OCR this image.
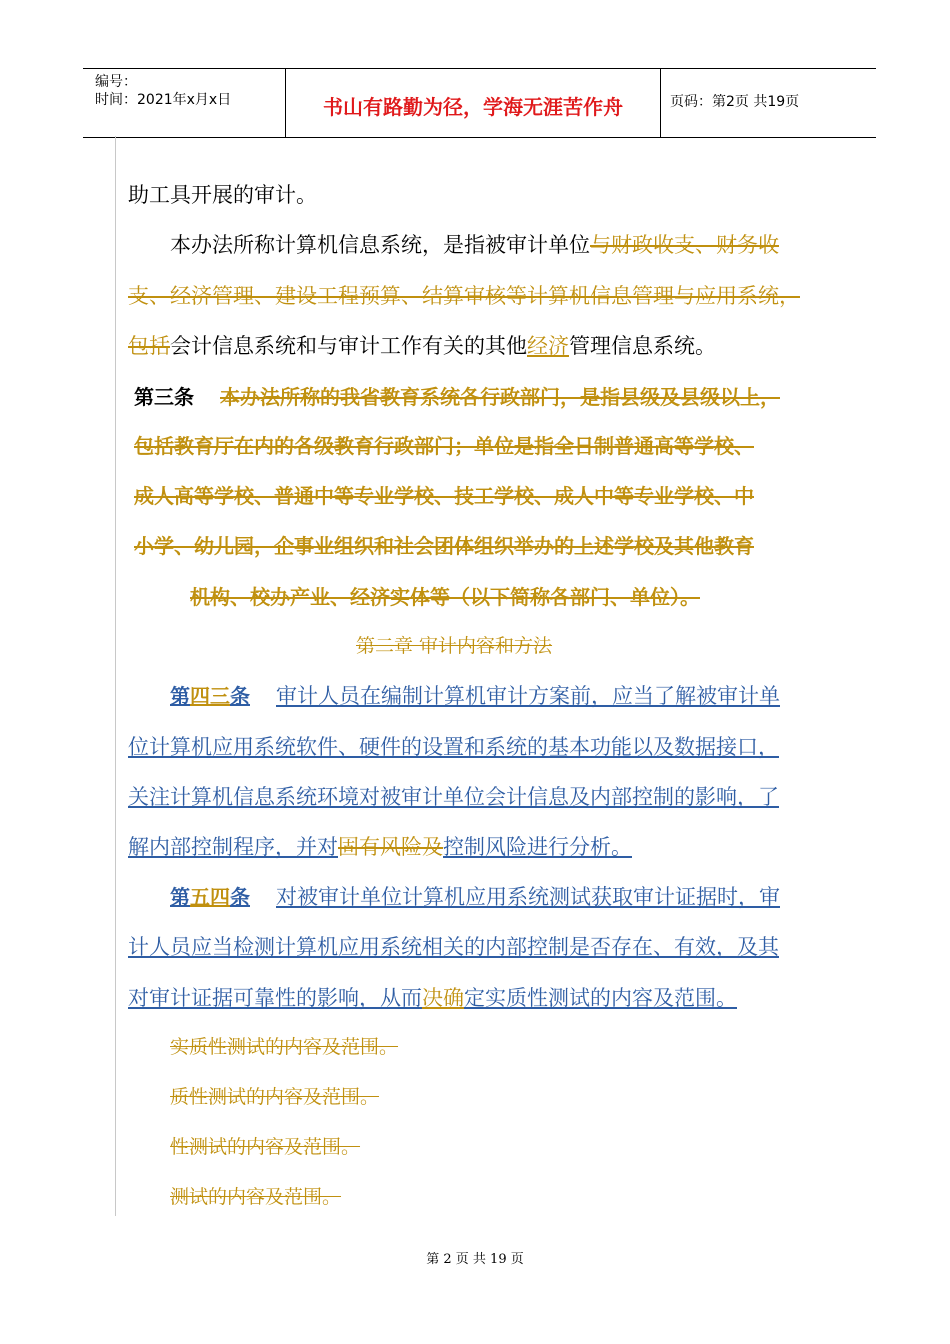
编号：
时间：2021年x月x日	书山有路勤为径，学海无涯苦作舟	页码：第2页 共19页
助工具开展的审计。
本办法所称计算机信息系统，是指被审计单位与财政收支、财务收
支、经济管理、建设工程预算、结算审核等计算机信息管理与应用系统，
包括会计信息系统和与审计工作有关的其他经济管理信息系统。
第三条 本办法所称的我省教育系统各行政部门，是指县级及县级以上，
包括教育厅在内的各级教育行政部门；单位是指全日制普通高等学校、
成人高等学校、普通中等专业学校、技工学校、成人中等专业学校、中
小学、幼儿园，企事业组织和社会团体组织举办的上述学校及其他教育
机构、校办产业、经济实体等（以下简称各部门、单位）。
第二章 审计内容和方法
第四三条 审计人员在编制计算机审计方案前，应当了解被审计单
位计算机应用系统软件、硬件的设置和系统的基本功能以及数据接口，
关注计算机信息系统环境对被审计单位会计信息及内部控制的影响，了
解内部控制程序，并对固有风险及控制风险进行分析。
第五四条 对被审计单位计算机应用系统测试获取审计证据时，审
计人员应当检测计算机应用系统相关的内部控制是否存在、有效，及其
对审计证据可靠性的影响，从而决确定实质性测试的内容及范围。
实质性测试的内容及范围。
质性测试的内容及范围。
性测试的内容及范围。
测试的内容及范围。
第 2 页 共 19 页
